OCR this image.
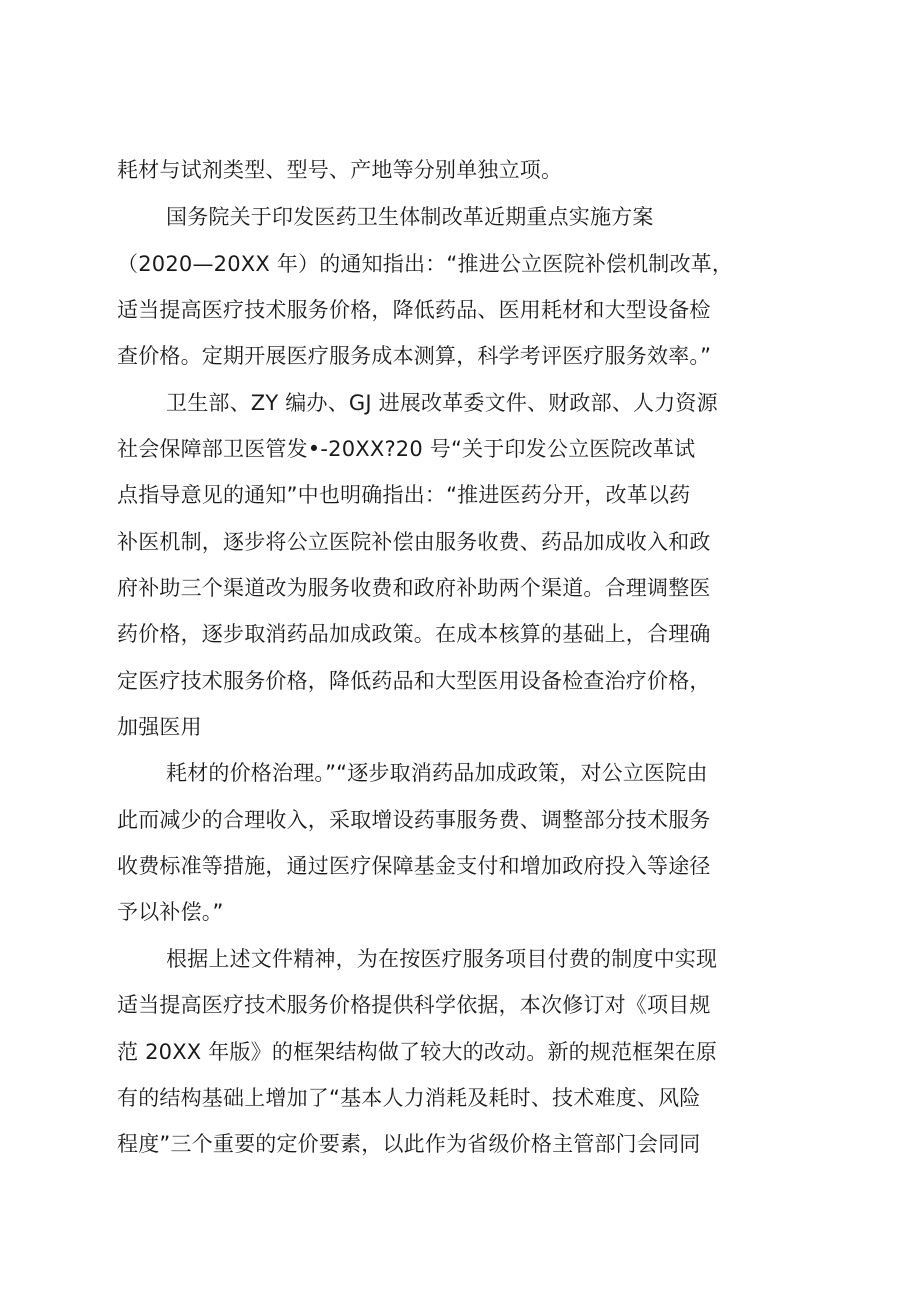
耗材与试剂类型、型号、产地等分别单独立项。

国务院关于印发医药卫生体制改革近期重点实施方案

（2020—20XX 年）的通知指出：“推进公立医院补偿机制改革，

适当提高医疗技术服务价格，降低药品、医用耗材和大型设备检

查价格。定期开展医疗服务成本测算，科学考评医疗服务效率。”

卫生部、ZY 编办、GJ 进展改革委文件、财政部、人力资源

社会保障部卫医管发•-20XX?20 号“关于印发公立医院改革试

点指导意见的通知”中也明确指出：“推进医药分开，改革以药

补医机制，逐步将公立医院补偿由服务收费、药品加成收入和政

府补助三个渠道改为服务收费和政府补助两个渠道。合理调整医

药价格，逐步取消药品加成政策。在成本核算的基础上，合理确

定医疗技术服务价格，降低药品和大型医用设备检查治疗价格，

加强医用

耗材的价格治理。”“逐步取消药品加成政策，对公立医院由

此而减少的合理收入，采取增设药事服务费、调整部分技术服务

收费标准等措施，通过医疗保障基金支付和增加政府投入等途径

予以补偿。”

根据上述文件精神，为在按医疗服务项目付费的制度中实现

适当提高医疗技术服务价格提供科学依据，本次修订对《项目规

范 20XX 年版》的框架结构做了较大的改动。新的规范框架在原

有的结构基础上增加了“基本人力消耗及耗时、技术难度、风险

程度”三个重要的定价要素，以此作为省级价格主管部门会同同
